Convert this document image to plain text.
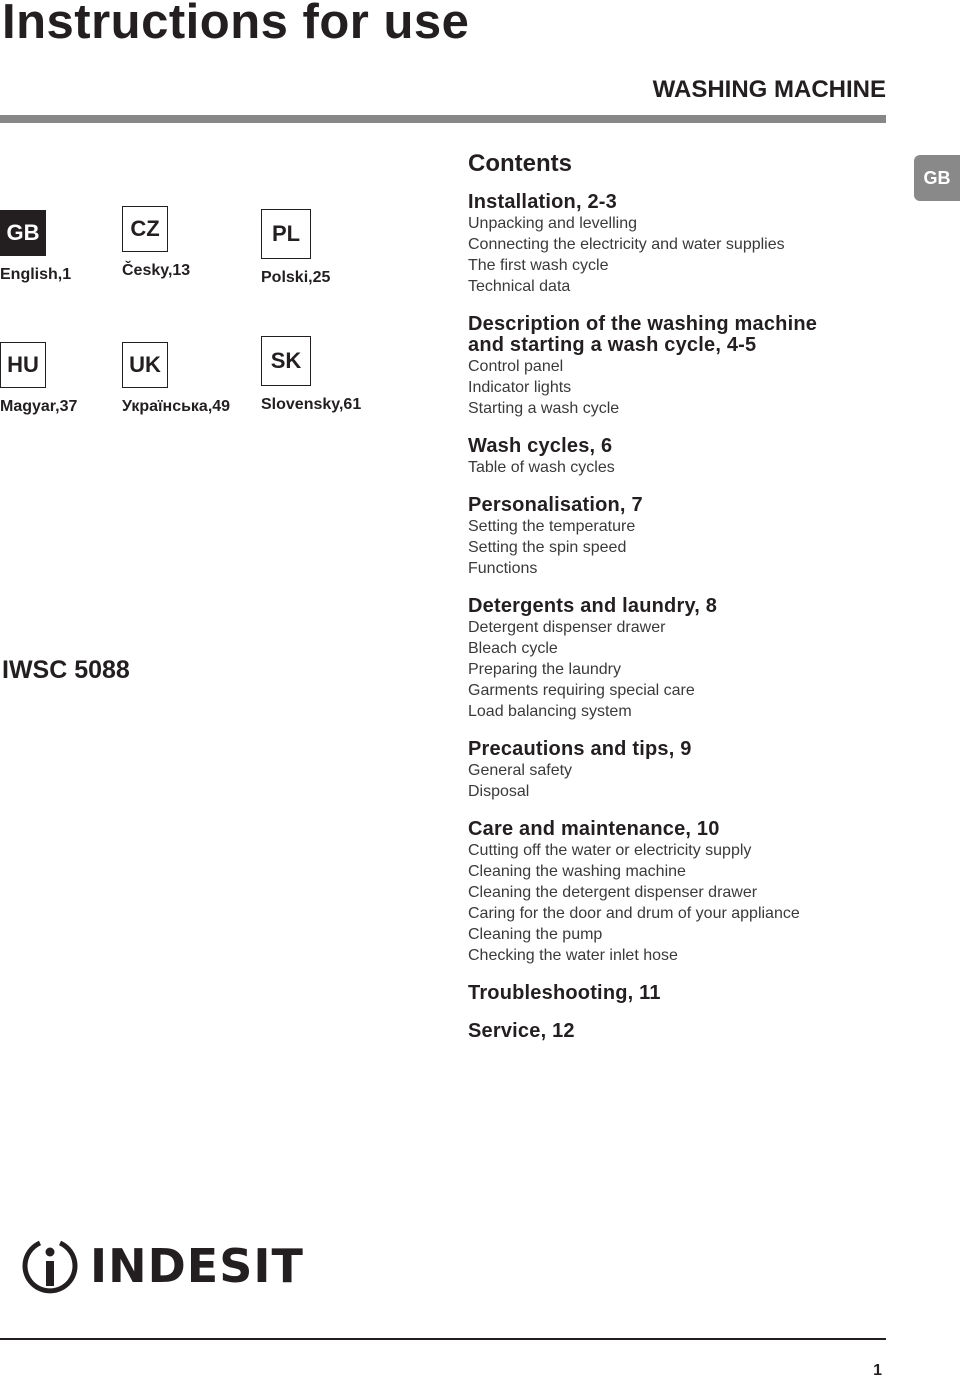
Instructions for use
WASHING MACHINE
GB
GB
English,1
CZ
Česky,13
PL
Polski,25
HU
Magyar,37
UK
Українська,49
SK
Slovensky,61
IWSC 5088
Contents
Installation, 2-3
Unpacking and levelling
Connecting the electricity and water supplies
The first wash cycle
Technical data
Description of the washing machine
and starting a wash cycle, 4-5
Control panel
Indicator lights
Starting a wash cycle
Wash cycles, 6
Table of wash cycles
Personalisation, 7
Setting the temperature
Setting the spin speed
Functions
Detergents and laundry, 8
Detergent dispenser drawer
Bleach cycle
Preparing the laundry
Garments requiring special care
Load balancing system
Precautions and tips, 9
General safety
Disposal
Care and maintenance, 10
Cutting off the water or electricity supply
Cleaning the washing machine
Cleaning the detergent dispenser drawer
Caring for the door and drum of your appliance
Cleaning the pump
Checking the water inlet hose
Troubleshooting, 11
Service, 12
INDESIT
1
